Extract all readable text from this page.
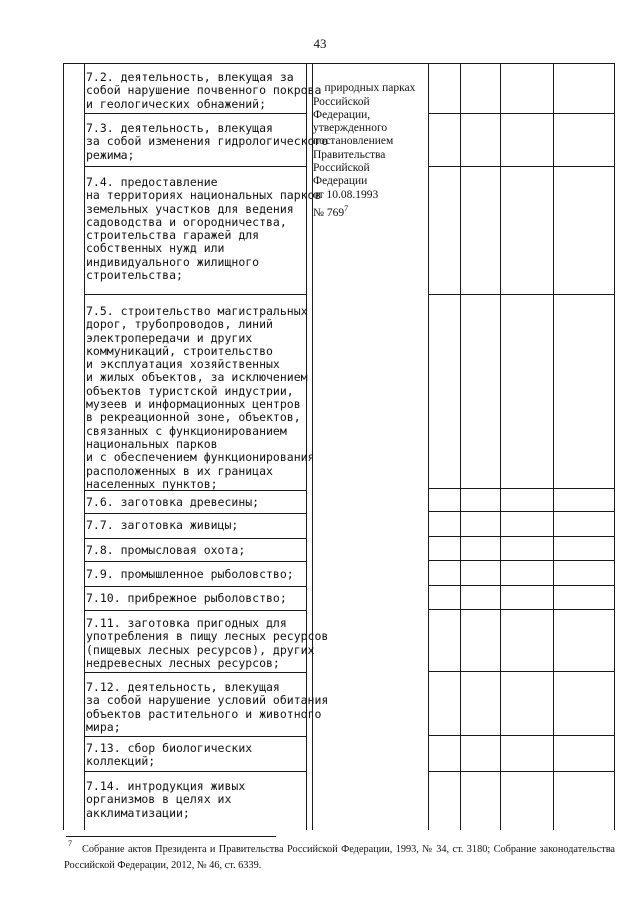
43
7.2. деятельность, влекущая за
собой нарушение почвенного покрова
и геологических обнажений;
7.3. деятельность, влекущая
за собой изменения гидрологического
режима;
7.4. предоставление
на территориях национальных парков
земельных участков для ведения
садоводства и огородничества,
строительства гаражей для
собственных нужд или
индивидуального жилищного
строительства;
7.5. строительство магистральных
дорог, трубопроводов, линий
электропередачи и других
коммуникаций, строительство
и эксплуатация хозяйственных
и жилых объектов, за исключением
объектов туристской индустрии,
музеев и информационных центров
в рекреационной зоне, объектов,
связанных с функционированием
национальных парков
и с обеспечением функционирования
расположенных в их границах
населенных пунктов;
7.6. заготовка древесины;
7.7. заготовка живицы;
7.8. промысловая охота;
7.9. промышленное рыболовство;
7.10. прибрежное рыболовство;
7.11. заготовка пригодных для
употребления в пищу лесных ресурсов
(пищевых лесных ресурсов), других
недревесных лесных ресурсов;
7.12. деятельность, влекущая
за собой нарушение условий обитания
объектов растительного и животного
мира;
7.13. сбор биологических
коллекций;
7.14. интродукция живых
организмов в целях их
акклиматизации;

природных парках
Российской
Федерации,
утвержденного
постановлением
Правительства
Российской
Федерации
от 10.08.1993
№ $769^7$

7
Собрание актов Президента и Правительства Российской Федерации, 1993, № 34, ст. 3180; Собрание законодательства Российской Федерации, 2012, № 46, ст. 6339.
